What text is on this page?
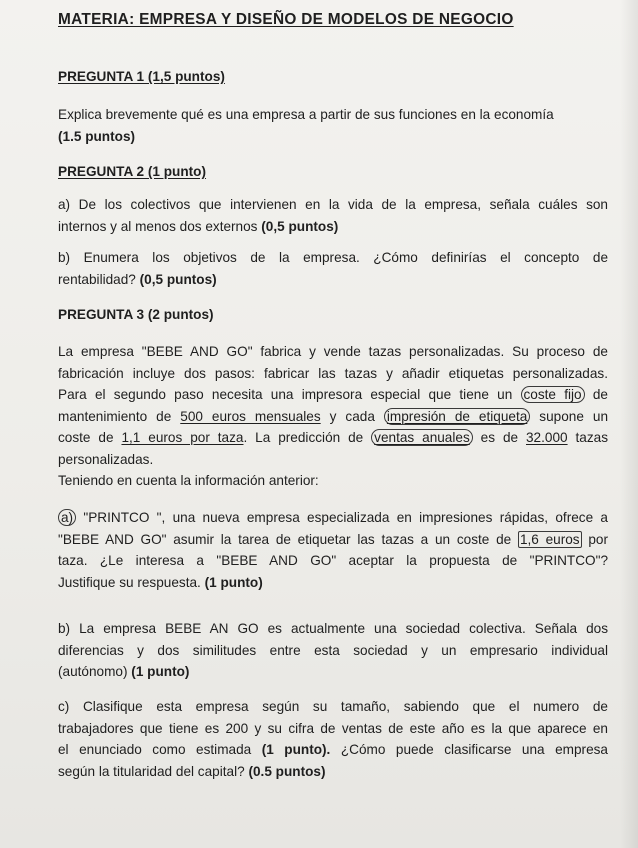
MATERIA: EMPRESA Y DISEÑO DE MODELOS DE NEGOCIO
PREGUNTA 1 (1,5 puntos)
Explica brevemente qué es una empresa a partir de sus funciones en la economía
(1.5 puntos)
PREGUNTA 2 (1 punto)
a) De los colectivos que intervienen en la vida de la empresa, señala cuáles son
internos y al menos dos externos (0,5 puntos)
b) Enumera los objetivos de la empresa. ¿Cómo definirías el concepto de
rentabilidad? (0,5 puntos)
PREGUNTA 3 (2 puntos)
La empresa "BEBE AND GO" fabrica y vende tazas personalizadas. Su proceso de
fabricación incluye dos pasos: fabricar las tazas y añadir etiquetas personalizadas.
Para el segundo paso necesita una impresora especial que tiene un coste fijo de
mantenimiento de 500 euros mensuales y cada impresión de etiqueta supone un
coste de 1,1 euros por taza. La predicción de ventas anuales es de 32.000 tazas
personalizadas.
Teniendo en cuenta la información anterior:
a) "PRINTCO ", una nueva empresa especializada en impresiones rápidas, ofrece a
"BEBE AND GO" asumir la tarea de etiquetar las tazas a un coste de 1,6 euros por
taza. ¿Le interesa a "BEBE AND GO" aceptar la propuesta de "PRINTCO"?
Justifique su respuesta. (1 punto)
b) La empresa BEBE AN GO es actualmente una sociedad colectiva. Señala dos
diferencias y dos similitudes entre esta sociedad y un empresario individual
(autónomo) (1 punto)
c) Clasifique esta empresa según su tamaño, sabiendo que el numero de
trabajadores que tiene es 200 y su cifra de ventas de este año es la que aparece en
el enunciado como estimada (1 punto). ¿Cómo puede clasificarse una empresa
según la titularidad del capital? (0.5 puntos)
